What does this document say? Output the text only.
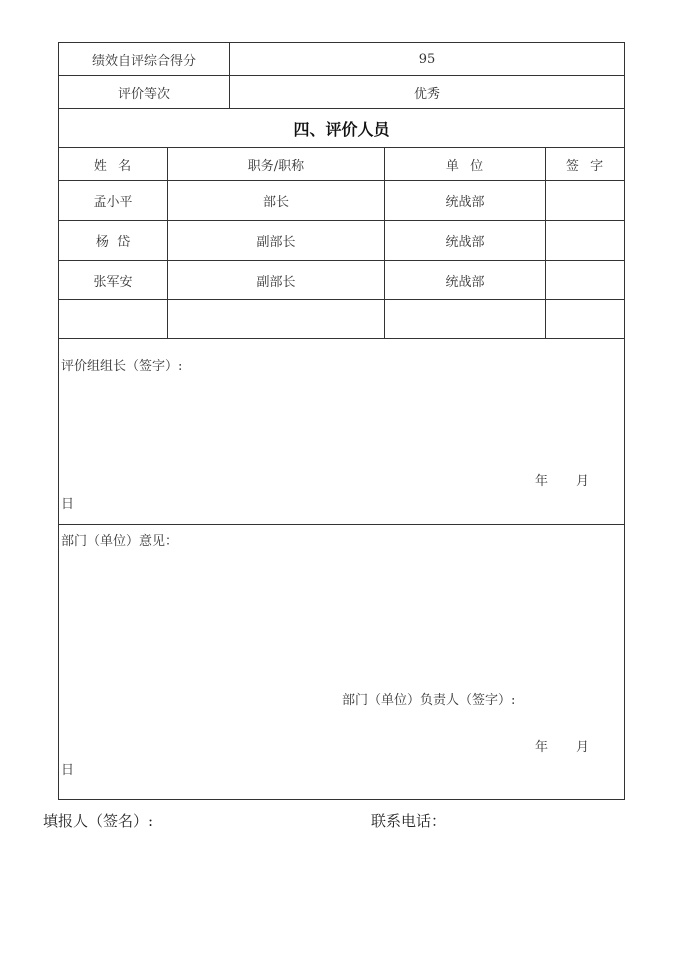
绩效自评综合得分	95
评价等次	优秀
四、评价人员
姓  名	职务/职称	单  位	签  字
孟小平	部长	统战部
杨  岱	副部长	统战部
张军安	副部长	统战部
评价组组长（签字）:
年 月
日
部门（单位）意见：
部门（单位）负责人（签字）:
年 月
日
填报人（签名）:	联系电话：
